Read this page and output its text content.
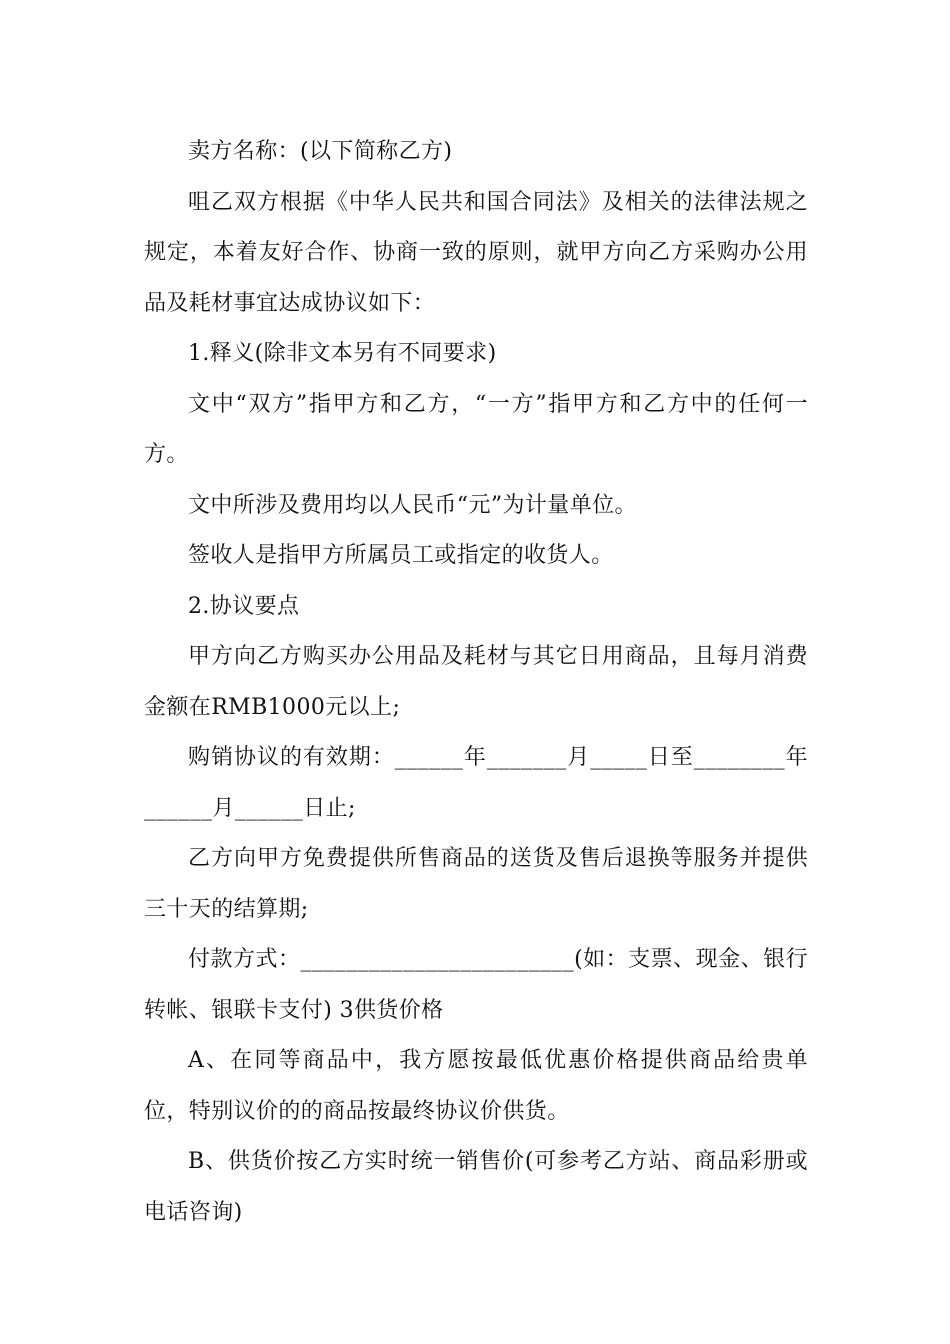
卖方名称：(以下简称乙方)

咀乙双方根据《中华人民共和国合同法》及相关的法律法规之规定，本着友好合作、协商一致的原则，就甲方向乙方采购办公用品及耗材事宜达成协议如下：

1.释义(除非文本另有不同要求)

文中“双方”指甲方和乙方，“一方”指甲方和乙方中的任何一方。

文中所涉及费用均以人民币“元”为计量单位。

签收人是指甲方所属员工或指定的收货人。

2.协议要点

甲方向乙方购买办公用品及耗材与其它日用商品，且每月消费金额在RMB1000元以上;

购销协议的有效期：______年_______月_____日至________年______月______日止;

乙方向甲方免费提供所售商品的送货及售后退换等服务并提供三十天的结算期;

付款方式：________________________(如：支票、现金、银行转帐、银联卡支付) 3供货价格

A、在同等商品中，我方愿按最低优惠价格提供商品给贵单位，特别议价的的商品按最终协议价供货。

B、供货价按乙方实时统一销售价(可参考乙方站、商品彩册或电话咨询)
